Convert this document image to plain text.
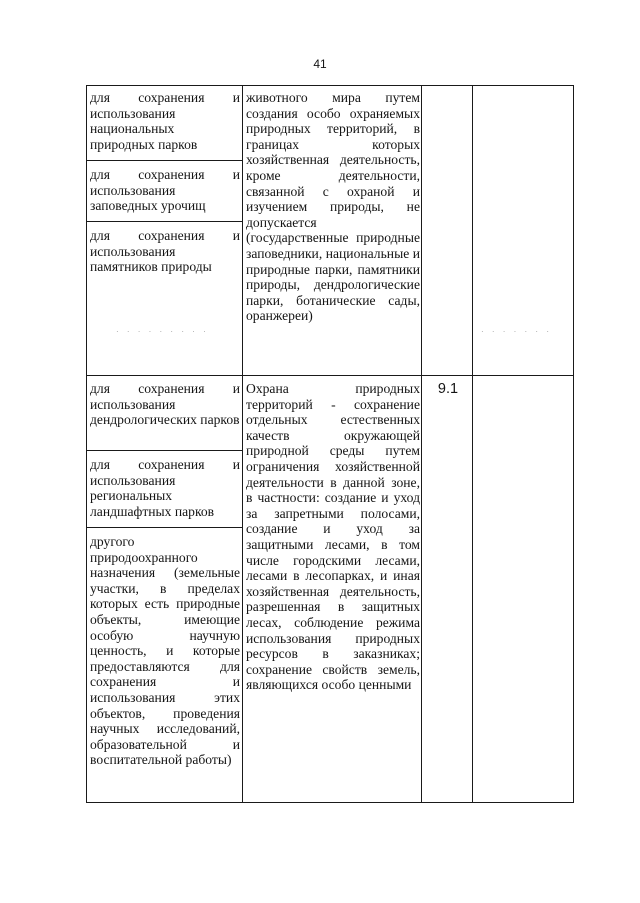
41
для сохранения и использования национальных природных парков
для сохранения и использования заповедных урочищ
для сохранения и использования памятников природы
животного мира путем создания особо охраняемых природных территорий, в границах которых хозяйственная деятельность, кроме деятельности, связанной с охраной и изучением природы, не допускается (государственные природные заповедники, национальные и природные парки, памятники природы, дендрологические парки, ботанические сады, оранжереи)
для сохранения и использования дендрологических парков
для сохранения и использования региональных ландшафтных парков
другого природоохранного назначения (земельные участки, в пределах которых есть природные объекты, имеющие особую научную ценность, и которые предоставляются для сохранения и использования этих объектов, проведения научных исследований, образовательной и воспитательной работы)
Охрана природных территорий - сохранение отдельных естественных качеств окружающей природной среды путем ограничения хозяйственной деятельности в данной зоне, в частности: создание и уход за запретными полосами, создание и уход за защитными лесами, в том числе городскими лесами, лесами в лесопарках, и иная хозяйственная деятельность, разрешенная в защитных лесах, соблюдение режима использования природных ресурсов в заказниках; сохранение свойств земель, являющихся особо ценными
9.1
· · · · · · · · ·	· · · · · · ·
